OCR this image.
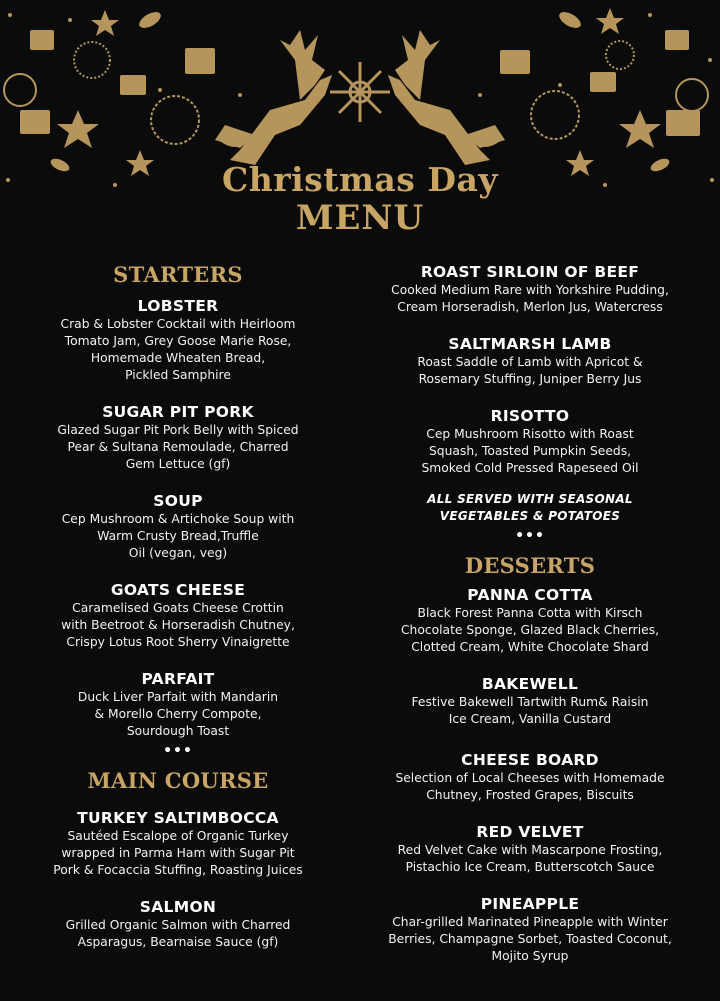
Christmas Day
MENU
STARTERS
LOBSTER
Crab & Lobster Cocktail with Heirloom
Tomato Jam, Grey Goose Marie Rose,
Homemade Wheaten Bread,
Pickled Samphire
SUGAR PIT PORK
Glazed Sugar Pit Pork Belly with Spiced
Pear & Sultana Remoulade, Charred
Gem Lettuce (gf)
SOUP
Cep Mushroom & Artichoke Soup with
Warm Crusty Bread,Truffle
Oil (vegan, veg)
GOATS CHEESE
Caramelised Goats Cheese Crottin
with Beetroot & Horseradish Chutney,
Crispy Lotus Root Sherry Vinaigrette
PARFAIT
Duck Liver Parfait with Mandarin
& Morello Cherry Compote,
Sourdough Toast
•••
MAIN COURSE
TURKEY SALTIMBOCCA
Sautéed Escalope of Organic Turkey
wrapped in Parma Ham with Sugar Pit
Pork & Focaccia Stuffing, Roasting Juices
SALMON
Grilled Organic Salmon with Charred
Asparagus, Bearnaise Sauce (gf)
ROAST SIRLOIN OF BEEF
Cooked Medium Rare with Yorkshire Pudding,
Cream Horseradish, Merlon Jus, Watercress
SALTMARSH LAMB
Roast Saddle of Lamb with Apricot &
Rosemary Stuffing, Juniper Berry Jus
RISOTTO
Cep Mushroom Risotto with Roast
Squash, Toasted Pumpkin Seeds,
Smoked Cold Pressed Rapeseed Oil
ALL SERVED WITH SEASONAL
VEGETABLES & POTATOES
•••
DESSERTS
PANNA COTTA
Black Forest Panna Cotta with Kirsch
Chocolate Sponge, Glazed Black Cherries,
Clotted Cream, White Chocolate Shard
BAKEWELL
Festive Bakewell Tartwith Rum& Raisin
Ice Cream, Vanilla Custard
CHEESE BOARD
Selection of Local Cheeses with Homemade
Chutney, Frosted Grapes, Biscuits
RED VELVET
Red Velvet Cake with Mascarpone Frosting,
Pistachio Ice Cream, Butterscotch Sauce
PINEAPPLE
Char-grilled Marinated Pineapple with Winter
Berries, Champagne Sorbet, Toasted Coconut,
Mojito Syrup
